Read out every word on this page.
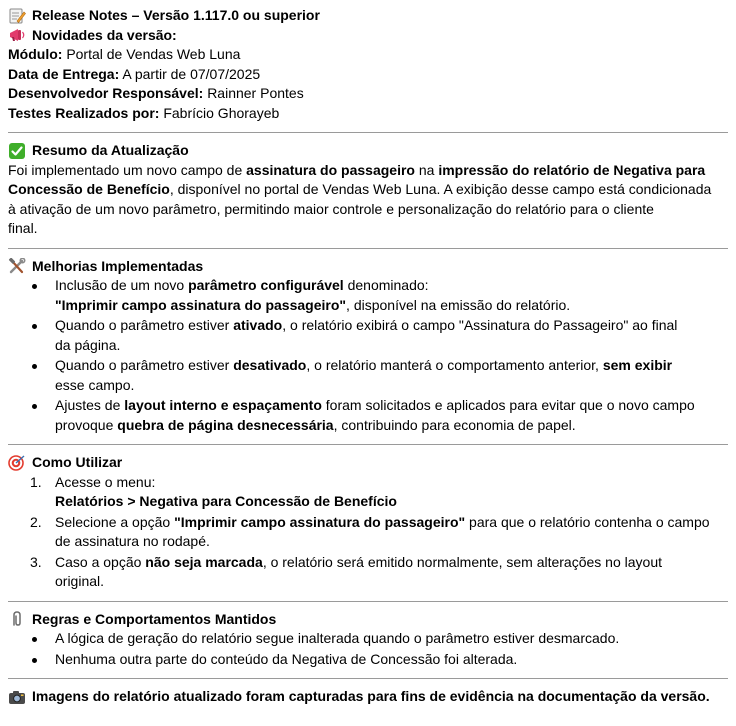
Release Notes – Versão 1.117.0 ou superior
Novidades da versão:
Módulo: Portal de Vendas Web Luna
Data de Entrega: A partir de 07/07/2025
Desenvolvedor Responsável: Rainner Pontes
Testes Realizados por: Fabrício Ghorayeb
Resumo da Atualização
Foi implementado um novo campo de assinatura do passageiro na impressão do relatório de Negativa para
Concessão de Benefício, disponível no portal de Vendas Web Luna. A exibição desse campo está condicionada
à ativação de um novo parâmetro, permitindo maior controle e personalização do relatório para o cliente
final.
Melhorias Implementadas
Inclusão de um novo parâmetro configurável denominado:
"Imprimir campo assinatura do passageiro", disponível na emissão do relatório.
Quando o parâmetro estiver ativado, o relatório exibirá o campo "Assinatura do Passageiro" ao final
da página.
Quando o parâmetro estiver desativado, o relatório manterá o comportamento anterior, sem exibir
esse campo.
Ajustes de layout interno e espaçamento foram solicitados e aplicados para evitar que o novo campo
provoque quebra de página desnecessária, contribuindo para economia de papel.
Como Utilizar
1. Acesse o menu:
Relatórios > Negativa para Concessão de Benefício
2. Selecione a opção "Imprimir campo assinatura do passageiro" para que o relatório contenha o campo
de assinatura no rodapé.
3. Caso a opção não seja marcada, o relatório será emitido normalmente, sem alterações no layout
original.
Regras e Comportamentos Mantidos
A lógica de geração do relatório segue inalterada quando o parâmetro estiver desmarcado.
Nenhuma outra parte do conteúdo da Negativa de Concessão foi alterada.
Imagens do relatório atualizado foram capturadas para fins de evidência na documentação da versão.
